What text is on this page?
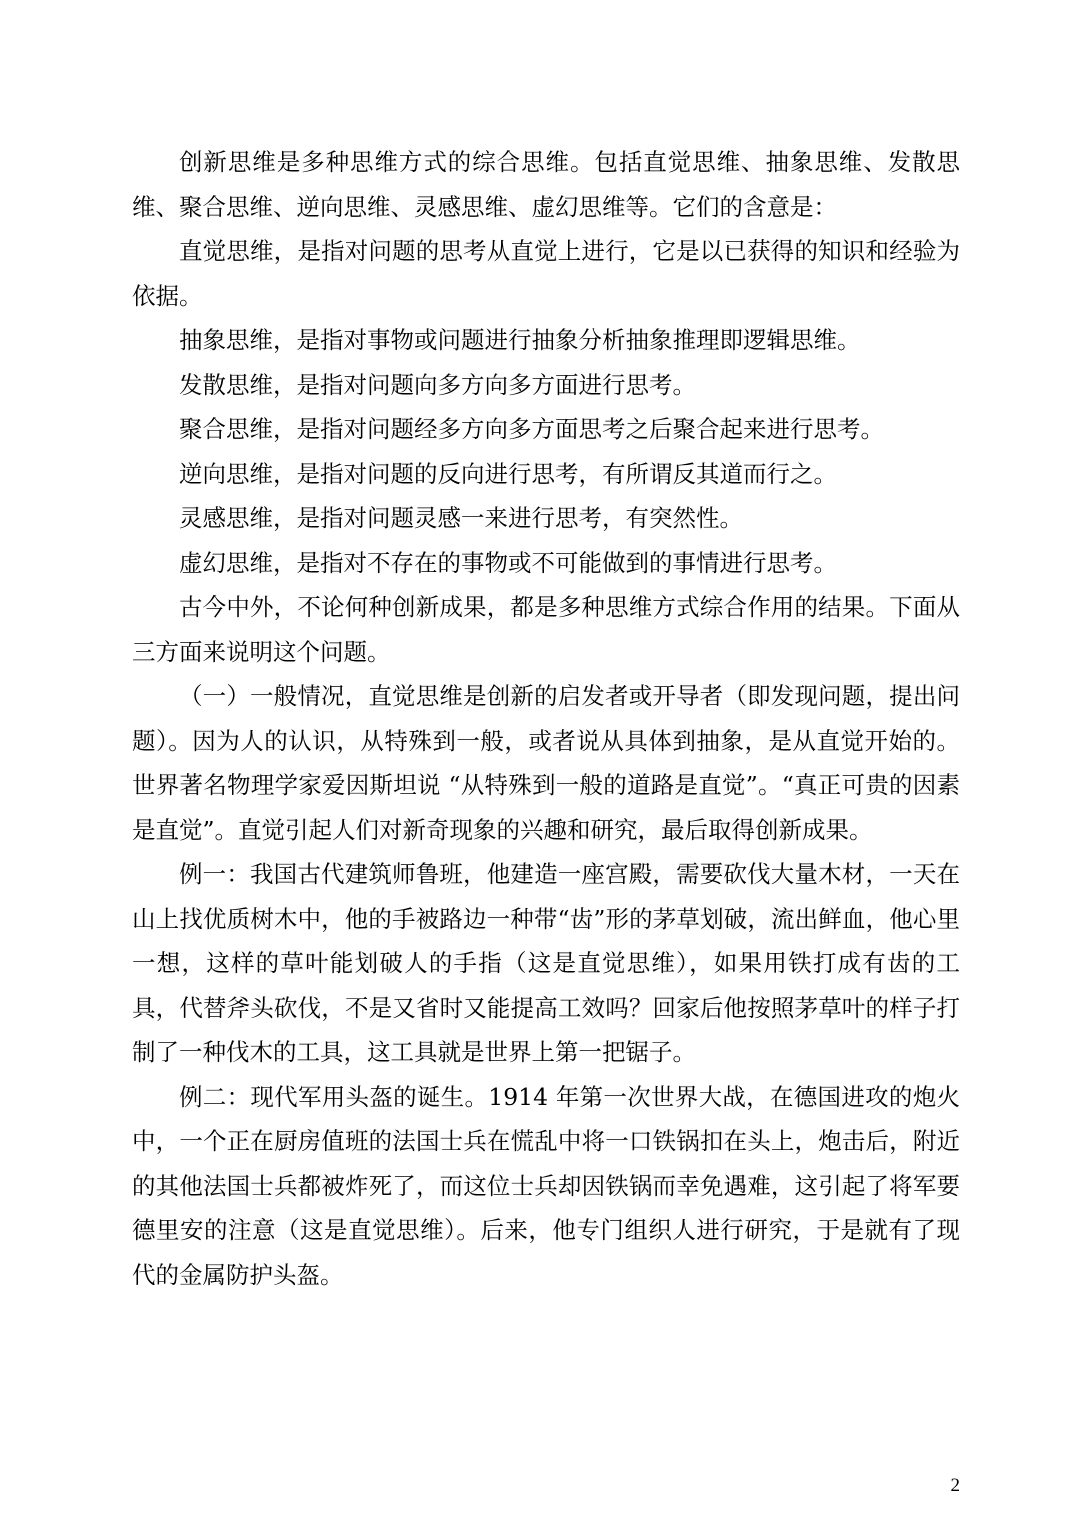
创新思维是多种思维方式的综合思维。包括直觉思维、抽象思维、发散思维、聚合思维、逆向思维、灵感思维、虚幻思维等。它们的含意是：

直觉思维，是指对问题的思考从直觉上进行，它是以已获得的知识和经验为依据。

抽象思维，是指对事物或问题进行抽象分析抽象推理即逻辑思维。

发散思维，是指对问题向多方向多方面进行思考。

聚合思维，是指对问题经多方向多方面思考之后聚合起来进行思考。

逆向思维，是指对问题的反向进行思考，有所谓反其道而行之。

灵感思维，是指对问题灵感一来进行思考，有突然性。

虚幻思维，是指对不存在的事物或不可能做到的事情进行思考。

古今中外，不论何种创新成果，都是多种思维方式综合作用的结果。下面从三方面来说明这个问题。

（一）一般情况，直觉思维是创新的启发者或开导者（即发现问题，提出问题）。因为人的认识，从特殊到一般，或者说从具体到抽象，是从直觉开始的。世界著名物理学家爱因斯坦说 “从特殊到一般的道路是直觉”。“真正可贵的因素是直觉”。直觉引起人们对新奇现象的兴趣和研究，最后取得创新成果。

例一：我国古代建筑师鲁班，他建造一座宫殿，需要砍伐大量木材，一天在山上找优质树木中，他的手被路边一种带“齿”形的茅草划破，流出鲜血，他心里一想，这样的草叶能划破人的手指（这是直觉思维），如果用铁打成有齿的工具，代替斧头砍伐，不是又省时又能提高工效吗？回家后他按照茅草叶的样子打制了一种伐木的工具，这工具就是世界上第一把锯子。

例二：现代军用头盔的诞生。1914 年第一次世界大战，在德国进攻的炮火中，一个正在厨房值班的法国士兵在慌乱中将一口铁锅扣在头上，炮击后，附近的其他法国士兵都被炸死了，而这位士兵却因铁锅而幸免遇难，这引起了将军要德里安的注意（这是直觉思维）。后来，他专门组织人进行研究，于是就有了现代的金属防护头盔。

2
